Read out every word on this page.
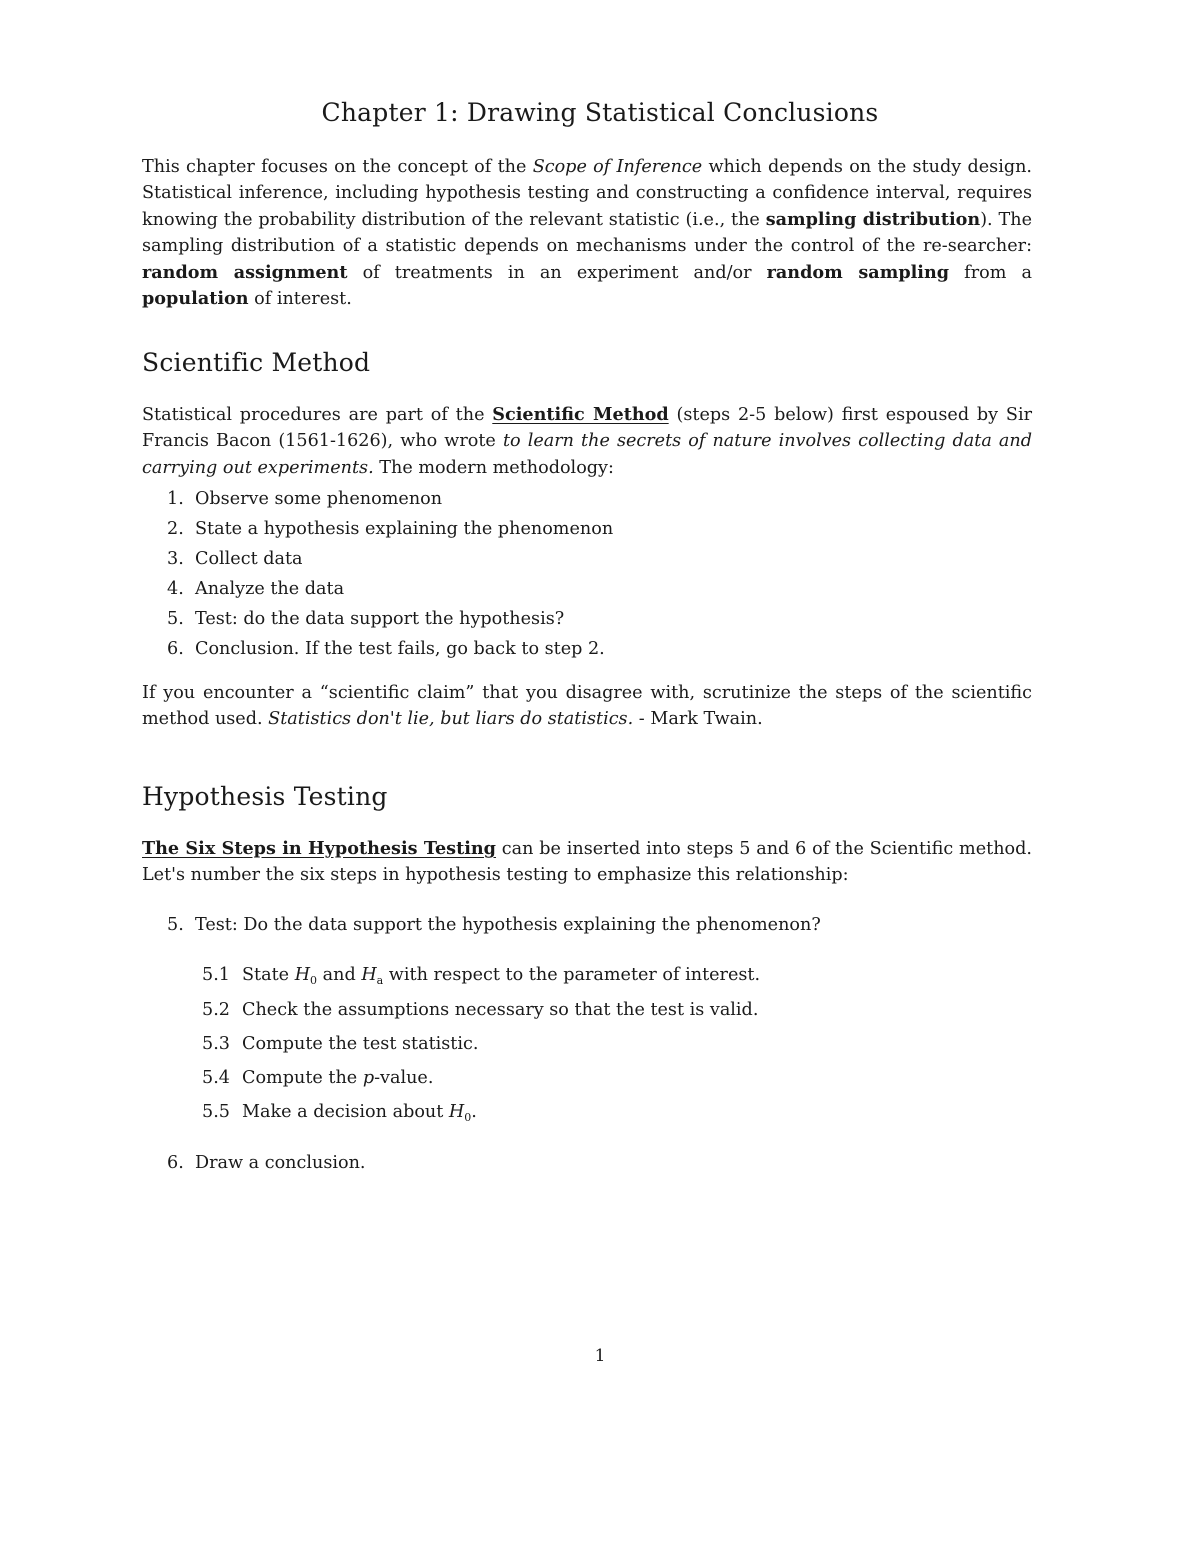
Chapter 1: Drawing Statistical Conclusions
This chapter focuses on the concept of the Scope of Inference which depends on the study design. Statistical inference, including hypothesis testing and constructing a confidence interval, requires knowing the probability distribution of the relevant statistic (i.e., the sampling distribution). The sampling distribution of a statistic depends on mechanisms under the control of the re-searcher: random assignment of treatments in an experiment and/or random sampling from a population of interest.
Scientific Method
Statistical procedures are part of the Scientific Method (steps 2-5 below) first espoused by Sir Francis Bacon (1561-1626), who wrote to learn the secrets of nature involves collecting data and carrying out experiments. The modern methodology:
1. Observe some phenomenon
2. State a hypothesis explaining the phenomenon
3. Collect data
4. Analyze the data
5. Test: do the data support the hypothesis?
6. Conclusion. If the test fails, go back to step 2.
If you encounter a “scientific claim” that you disagree with, scrutinize the steps of the scientific method used. Statistics don't lie, but liars do statistics. - Mark Twain.
Hypothesis Testing
The Six Steps in Hypothesis Testing can be inserted into steps 5 and 6 of the Scientific method. Let's number the six steps in hypothesis testing to emphasize this relationship:
5. Test: Do the data support the hypothesis explaining the phenomenon?
5.1 State $H_0$ and $H_a$ with respect to the parameter of interest.
5.2 Check the assumptions necessary so that the test is valid.
5.3 Compute the test statistic.
5.4 Compute the p-value.
5.5 Make a decision about $H_0$.
6. Draw a conclusion.
1
